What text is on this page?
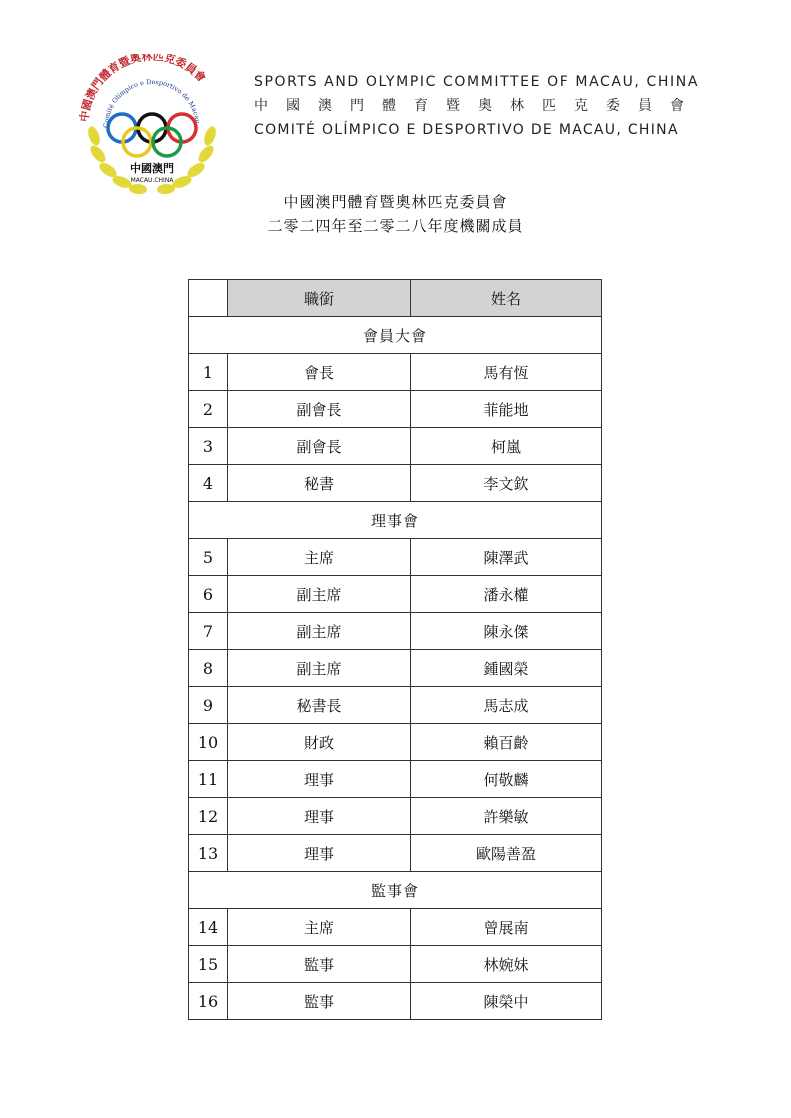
中國澳門體育暨奧林匹克委員會
Comité Olímpico e Desportivo de Macau,
中國澳門
MACAU.CHINA
SPORTS AND OLYMPIC COMMITTEE OF MACAU, CHINA
中國澳門體育暨奧林匹克委員會
COMITÉ OLÍMPICO E DESPORTIVO DE MACAU, CHINA
中國澳門體育暨奧林匹克委員會
二零二四年至二零二八年度機關成員
	職銜	姓名
會員大會		
1	會長	馬有恆
2	副會長	菲能地
3	副會長	柯嵐
4	秘書	李文欽
理事會		
5	主席	陳澤武
6	副主席	潘永權
7	副主席	陳永傑
8	副主席	鍾國榮
9	秘書長	馬志成
10	財政	賴百齡
11	理事	何敬麟
12	理事	許樂敏
13	理事	歐陽善盈
監事會		
14	主席	曾展南
15	監事	林婉妹
16	監事	陳榮中
